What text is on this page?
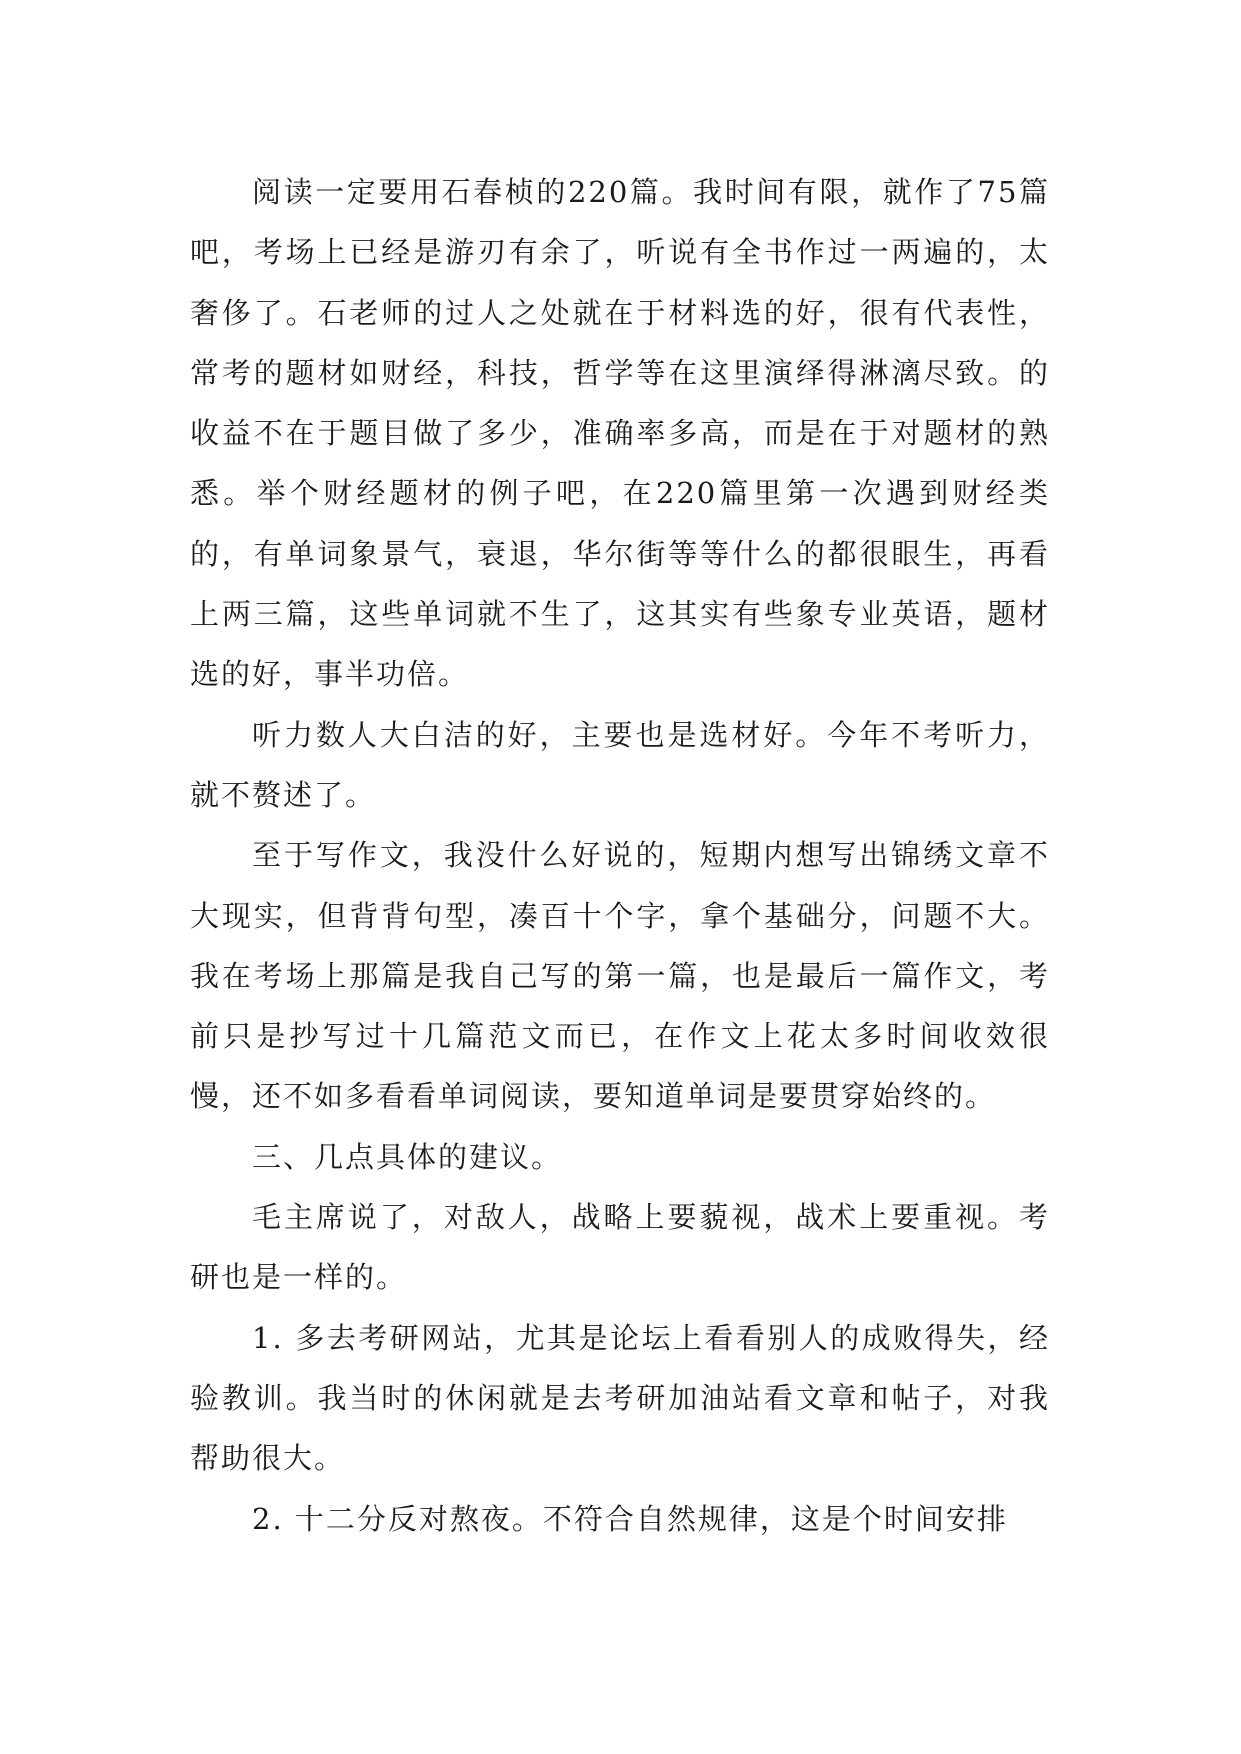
阅读一定要用石春桢的220篇。我时间有限，就作了75篇吧，考场上已经是游刃有余了，听说有全书作过一两遍的，太奢侈了。石老师的过人之处就在于材料选的好，很有代表性，常考的题材如财经，科技，哲学等在这里演绎得淋漓尽致。的收益不在于题目做了多少，准确率多高，而是在于对题材的熟悉。举个财经题材的例子吧，在220篇里第一次遇到财经类的，有单词象景气，衰退，华尔街等等什么的都很眼生，再看上两三篇，这些单词就不生了，这其实有些象专业英语，题材选的好，事半功倍。

听力数人大白洁的好，主要也是选材好。今年不考听力，就不赘述了。

至于写作文，我没什么好说的，短期内想写出锦绣文章不大现实，但背背句型，凑百十个字，拿个基础分，问题不大。我在考场上那篇是我自己写的第一篇，也是最后一篇作文，考前只是抄写过十几篇范文而已，在作文上花太多时间收效很慢，还不如多看看单词阅读，要知道单词是要贯穿始终的。

三、几点具体的建议。

毛主席说了，对敌人，战略上要藐视，战术上要重视。考研也是一样的。

1. 多去考研网站，尤其是论坛上看看别人的成败得失，经验教训。我当时的休闲就是去考研加油站看文章和帖子，对我帮助很大。

2. 十二分反对熬夜。不符合自然规律，这是个时间安排
